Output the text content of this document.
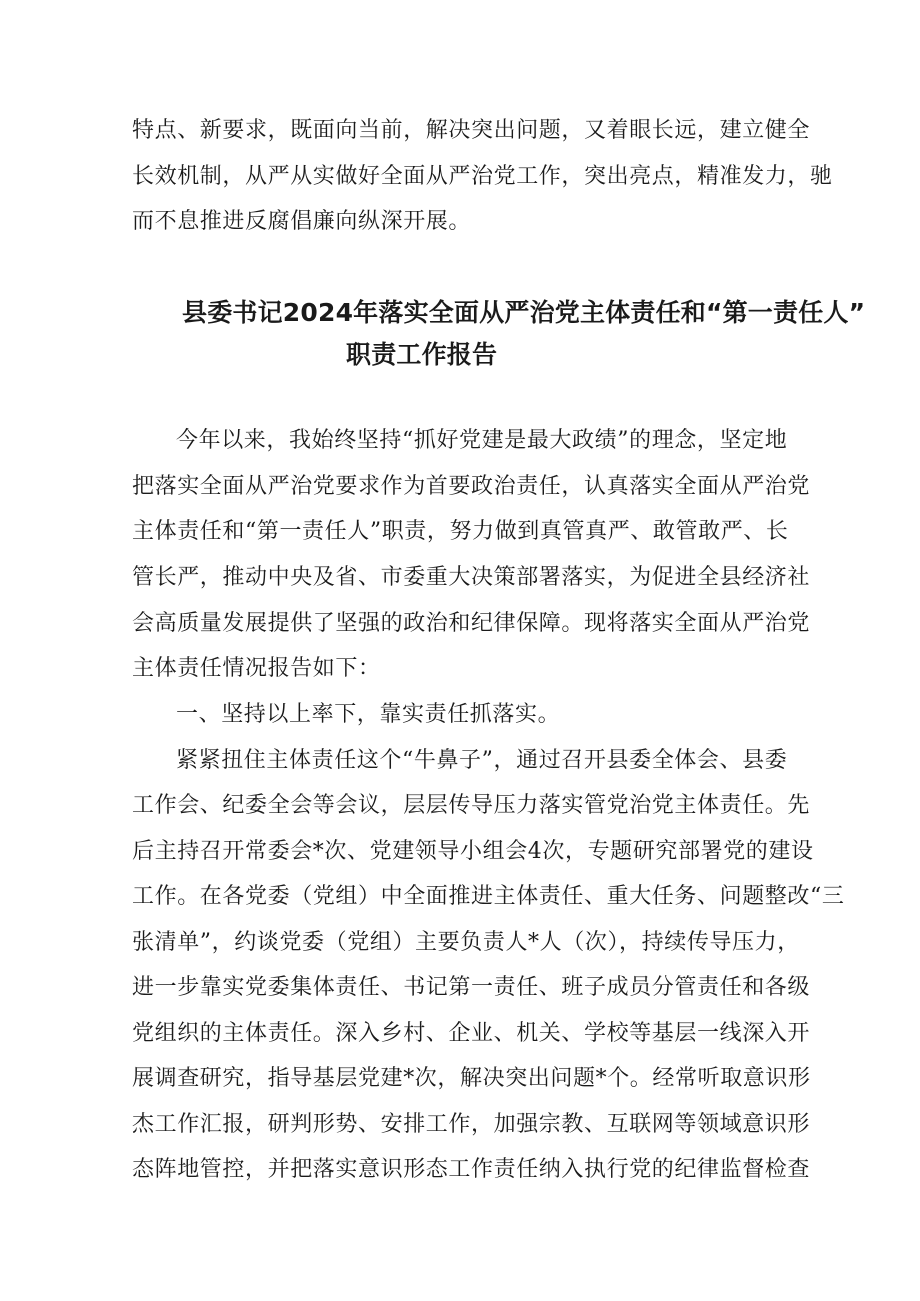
特点、新要求，既面向当前，解决突出问题，又着眼长远，建立健全
长效机制，从严从实做好全面从严治党工作，突出亮点，精准发力，驰
而不息推进反腐倡廉向纵深开展。
县委书记2024年落实全面从严治党主体责任和“第一责任人”
职责工作报告
今年以来，我始终坚持“抓好党建是最大政绩”的理念，坚定地
把落实全面从严治党要求作为首要政治责任，认真落实全面从严治党
主体责任和“第一责任人”职责，努力做到真管真严、敢管敢严、长
管长严，推动中央及省、市委重大决策部署落实，为促进全县经济社
会高质量发展提供了坚强的政治和纪律保障。现将落实全面从严治党
主体责任情况报告如下：
一、坚持以上率下，靠实责任抓落实。
紧紧扭住主体责任这个“牛鼻子”，通过召开县委全体会、县委
工作会、纪委全会等会议，层层传导压力落实管党治党主体责任。先
后主持召开常委会*次、党建领导小组会4次，专题研究部署党的建设
工作。在各党委（党组）中全面推进主体责任、重大任务、问题整改“三
张清单”，约谈党委（党组）主要负责人*人（次），持续传导压力，
进一步靠实党委集体责任、书记第一责任、班子成员分管责任和各级
党组织的主体责任。深入乡村、企业、机关、学校等基层一线深入开
展调查研究，指导基层党建*次，解决突出问题*个。经常听取意识形
杰工作汇报，研判形势、安排工作，加强宗教、互联网等领域意识形
态阵地管控，并把落实意识形态工作责任纳入执行党的纪律监督检查
